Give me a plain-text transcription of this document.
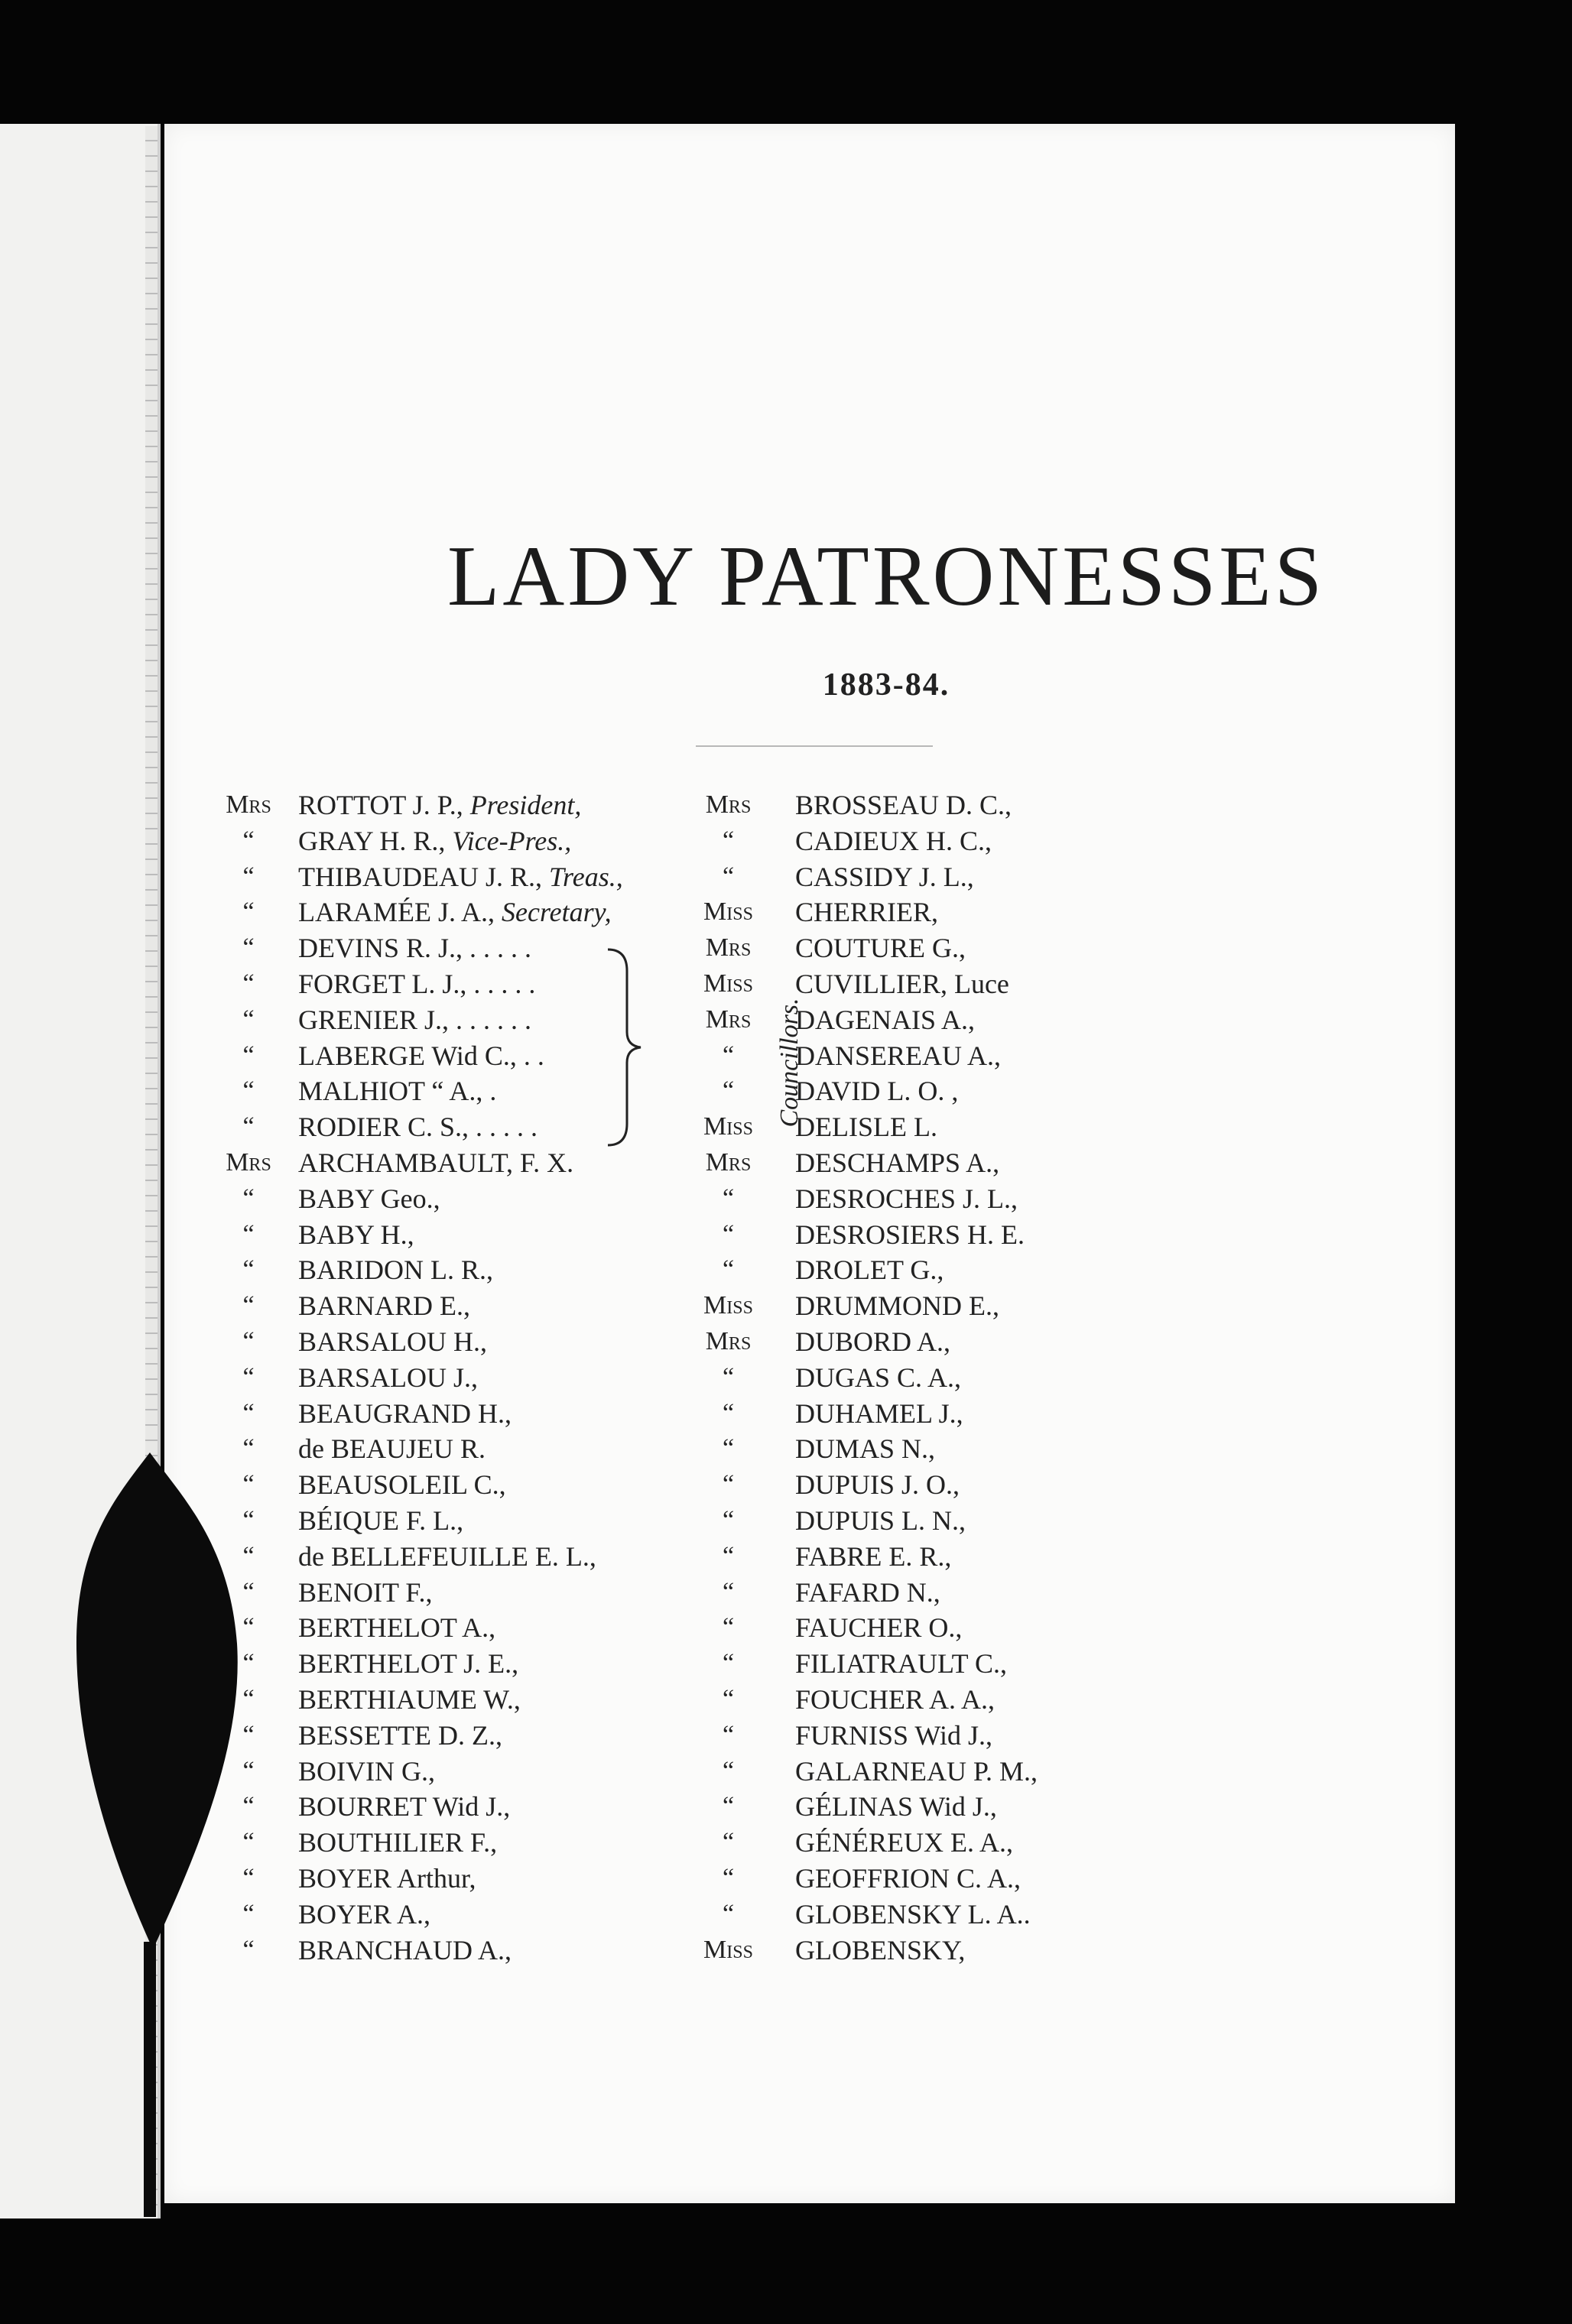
LADY PATRONESSES
1883-84.
Mrs ROTTOT J. P., President,
“	GRAY H. R., Vice-Pres.,
“	THIBAUDEAU J. R., Treas.,
“	LARAMÉE J. A., Secretary,
“	DEVINS R. J., . . . . .
“	FORGET L. J., . . . . .
“	GRENIER J., . . . . . .
“	LABERGE Wid C., . .
“	MALHIOT “ A., .
“	RODIER C. S., . . . . .
Mrs ARCHAMBAULT, F. X.
“	BABY Geo.,
“	BABY H.,
“	BARIDON L. R.,
“	BARNARD E.,
“	BARSALOU H.,
“	BARSALOU J.,
“	BEAUGRAND H.,
“	de BEAUJEU R.
“	BEAUSOLEIL C.,
“	BÉIQUE F. L.,
“	de BELLEFEUILLE E. L.,
“	BENOIT F.,
“	BERTHELOT A.,
“	BERTHELOT J. E.,
“	BERTHIAUME W.,
“	BESSETTE D. Z.,
“	BOIVIN G.,
“	BOURRET Wid J.,
“	BOUTHILIER F.,
“	BOYER Arthur,
“	BOYER A.,
“	BRANCHAUD A.,
Mrs	BROSSEAU D. C.,
“	CADIEUX H. C.,
“	CASSIDY J. L.,
Miss	CHERRIER,
Mrs	COUTURE G.,
Miss	CUVILLIER, Luce
Mrs	DAGENAIS A.,
“	DANSEREAU A.,
“	DAVID L. O. ,
Miss	DELISLE L.
Mrs	DESCHAMPS A.,
“	DESROCHES J. L.,
“	DESROSIERS H. E.
“	DROLET G.,
Miss	DRUMMOND E.,
Mrs	DUBORD A.,
“	DUGAS C. A.,
“	DUHAMEL J.,
“	DUMAS N.,
“	DUPUIS J. O.,
“	DUPUIS L. N.,
“	FABRE E. R.,
“	FAFARD N.,
“	FAUCHER O.,
“	FILIATRAULT C.,
“	FOUCHER A. A.,
“	FURNISS Wid J.,
“	GALARNEAU P. M.,
“	GÉLINAS Wid J.,
“	GÉNÉREUX E. A.,
“	GEOFFRION C. A.,
“	GLOBENSKY L. A..
Miss	GLOBENSKY,
Councillors.
